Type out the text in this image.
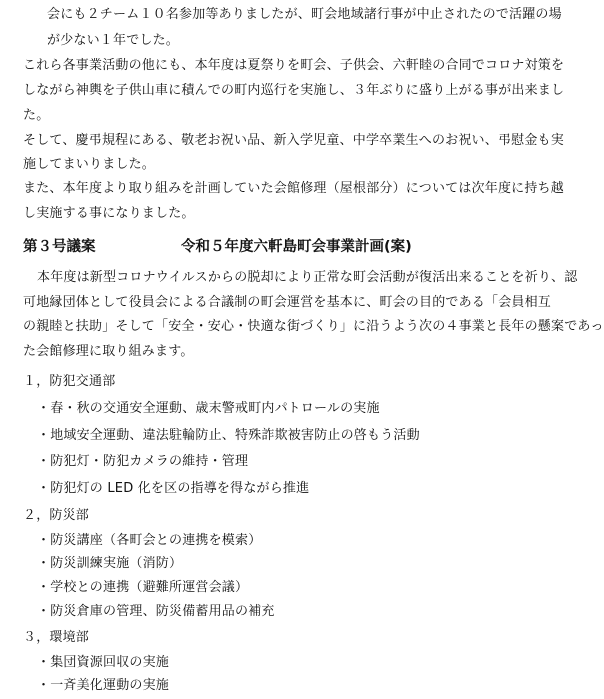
会にも２チーム１０名参加等ありましたが、町会地域諸行事が中止されたので活躍の場
が少ない１年でした。
これら各事業活動の他にも、本年度は夏祭りを町会、子供会、六軒睦の合同でコロナ対策を
しながら神輿を子供山車に積んでの町内巡行を実施し、３年ぶりに盛り上がる事が出来まし
た。
そして、慶弔規程にある、敬老お祝い品、新入学児童、中学卒業生へのお祝い、弔慰金も実
施してまいりました。
また、本年度より取り組みを計画していた会館修理（屋根部分）については次年度に持ち越
し実施する事になりました。
第３号議案	令和５年度六軒島町会事業計画(案)
本年度は新型コロナウイルスからの脱却により正常な町会活動が復活出来ることを祈り、認
可地縁団体として役員会による合議制の町会運営を基本に、町会の目的である「会員相互
の親睦と扶助」そして「安全・安心・快適な街づくり」に沿うよう次の４事業と長年の懸案であっ
た会館修理に取り組みます。
１，防犯交通部
・春・秋の交通安全運動、歳末警戒町内パトロールの実施
・地域安全運動、違法駐輪防止、特殊詐欺被害防止の啓もう活動
・防犯灯・防犯カメラの維持・管理
・防犯灯の LED 化を区の指導を得ながら推進
２，防災部
・防災講座（各町会との連携を模索）
・防災訓練実施（消防）
・学校との連携（避難所運営会議）
・防災倉庫の管理、防災備蓄用品の補充
３，環境部
・集団資源回収の実施
・一斉美化運動の実施
